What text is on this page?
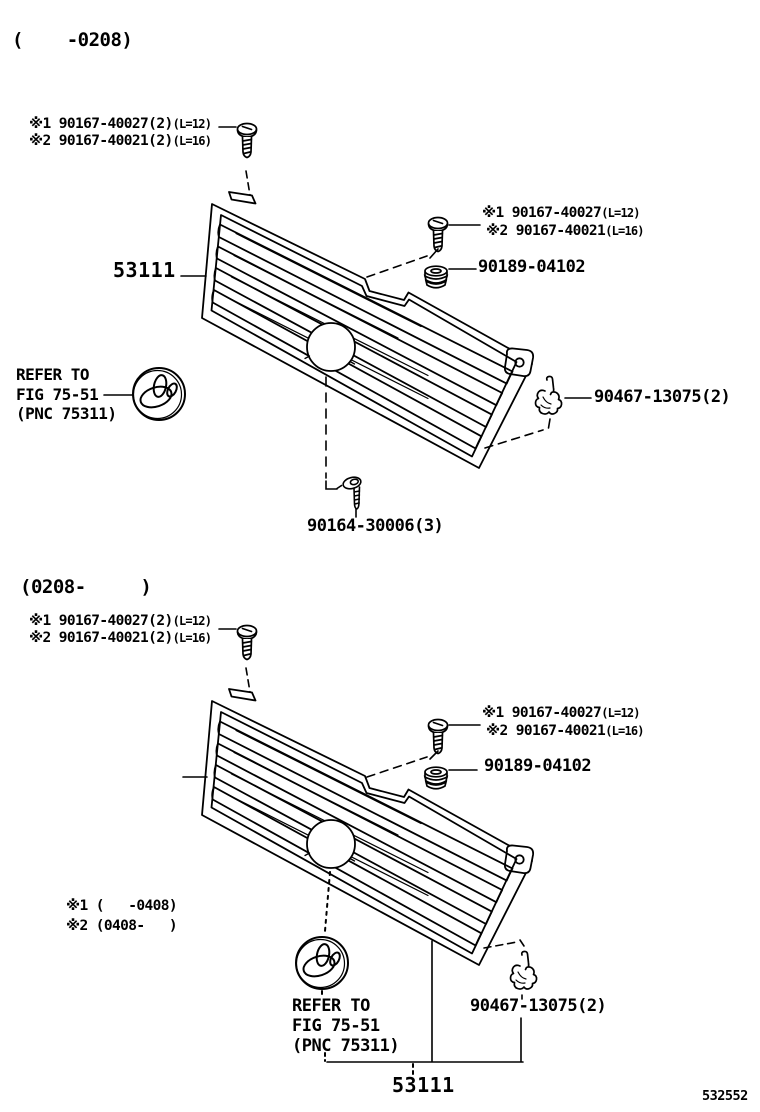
(    -0208)
※1 90167-40027(2)(L=12)
※2 90167-40021(2)(L=16)
53111
※1 90167-40027(L=12)
※2 90167-40021(L=16)
90189-04102
90467-13075(2)
REFER TO
FIG 75-51
(PNC 75311)
90164-30006(3)
(0208-     )
※1 90167-40027(2)(L=12)
※2 90167-40021(2)(L=16)
※1 90167-40027(L=12)
※2 90167-40021(L=16)
90189-04102
※1 (   -0408)
※2 (0408-   )
REFER TO
FIG 75-51
(PNC 75311)
90467-13075(2)
53111	532552
